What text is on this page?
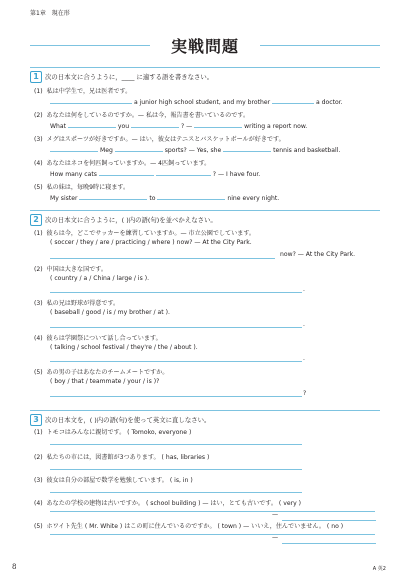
第1章 現在形
実戦問題
1 次の日本文に合うように，____ に適する語を書きなさい。
(1) 私は中学生で，兄は医者です。
a junior high school student, and my brother	a doctor.
(2) あなたは何をしているのですか。— 私は今，報告書を書いているのです。
What	you	? —	writing a report now.
(3) メグはスポーツが好きですか。— はい，彼女はテニスとバスケットボールが好きです。
Meg	sports? — Yes, she	tennis and basketball.
(4) あなたはネコを何匹飼っていますか。— 4匹飼っています。
How many cats	? — I have four.
(5) 私の妹は，毎晩9時に寝ます。
My sister	to	nine every night.
2 次の日本文に合うように，( )内の語(句)を並べかえなさい。
(1) 彼らは今，どこでサッカーを練習していますか。— 市立公園でしています。
( soccer / they / are / practicing / where ) now? — At the City Park.
now? — At the City Park.
(2) 中国は大きな国です。
( country / a / China / large / is ).
.
(3) 私の兄は野球が得意です。
( baseball / good / is / my brother / at ).
.
(4) 彼らは学園祭について話し合っています。
( talking / school festival / they're / the / about ).
.
(5) あの男の子はあなたのチームメートですか。
( boy / that / teammate / your / is )?
?
3 次の日本文を，( )内の語(句)を使って英文に直しなさい。
(1) トモコはみんなに親切です。 ( Tomoko, everyone )
(2) 私たちの市には，図書館が3つあります。 ( has, libraries )
(3) 彼女は自分の部屋で数学を勉強しています。 ( is, in )
(4) あなたの学校の建物は古いですか。 ( school building ) — はい，とても古いです。 ( very )
—
(5) ホワイト先生 ( Mr. White ) はこの町に住んでいるのですか。 ( town ) — いいえ，住んでいません。 ( no )
—
8	A 英2
